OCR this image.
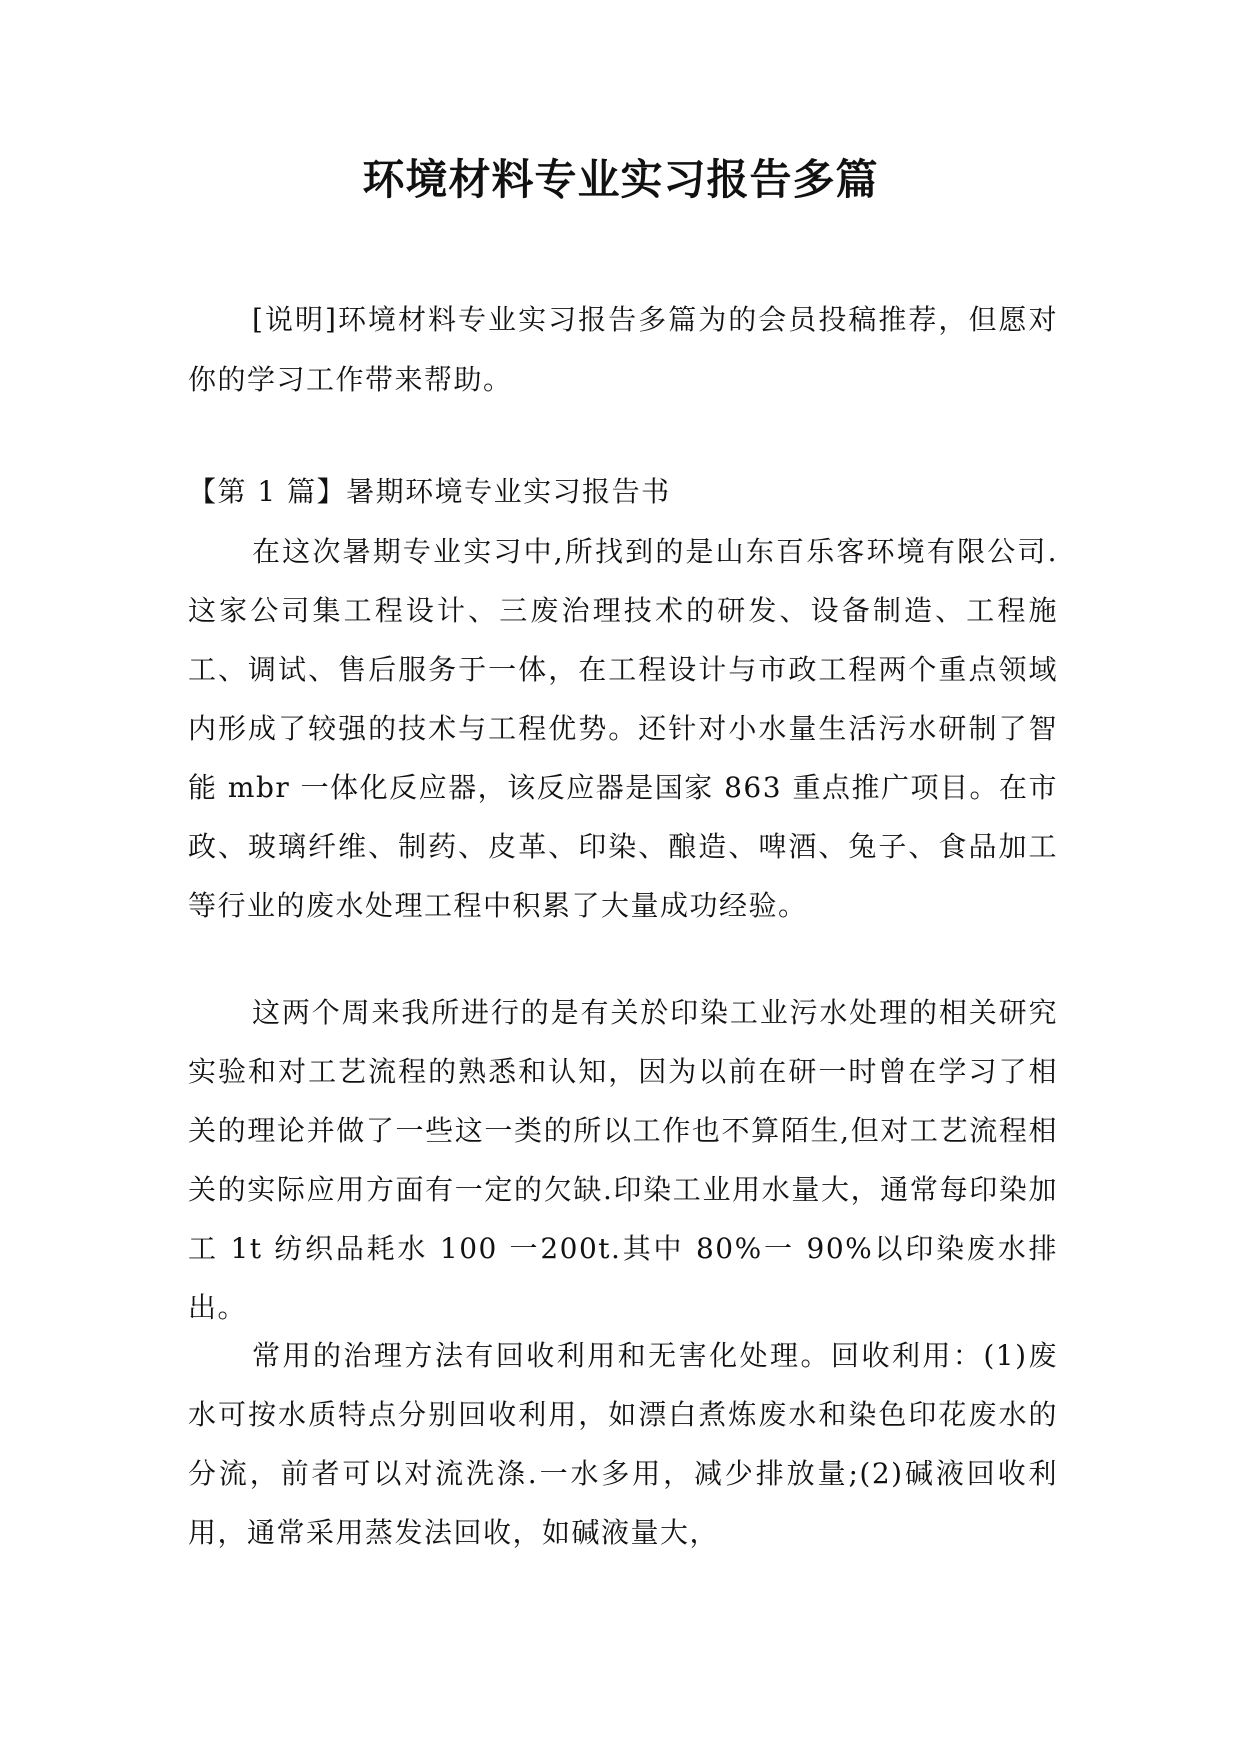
环境材料专业实习报告多篇

[说明]环境材料专业实习报告多篇为的会员投稿推荐，但愿对你的学习工作带来帮助。

【第 1 篇】暑期环境专业实习报告书

在这次暑期专业实习中,所找到的是山东百乐客环境有限公司.这家公司集工程设计、三废治理技术的研发、设备制造、工程施工、调试、售后服务于一体，在工程设计与市政工程两个重点领域内形成了较强的技术与工程优势。还针对小水量生活污水研制了智能 mbr 一体化反应器，该反应器是国家 863 重点推广项目。在市政、玻璃纤维、制药、皮革、印染、酿造、啤酒、兔子、食品加工等行业的废水处理工程中积累了大量成功经验。

这两个周来我所进行的是有关於印染工业污水处理的相关研究实验和对工艺流程的熟悉和认知，因为以前在研一时曾在学习了相关的理论并做了一些这一类的所以工作也不算陌生,但对工艺流程相关的实际应用方面有一定的欠缺.印染工业用水量大，通常每印染加工 1t 纺织品耗水 100 一200t.其中 80%一 90%以印染废水排出。

常用的治理方法有回收利用和无害化处理。回收利用：(1)废水可按水质特点分别回收利用，如漂白煮炼废水和染色印花废水的分流，前者可以对流洗涤.一水多用，减少排放量;(2)碱液回收利用，通常采用蒸发法回收，如碱液量大，
